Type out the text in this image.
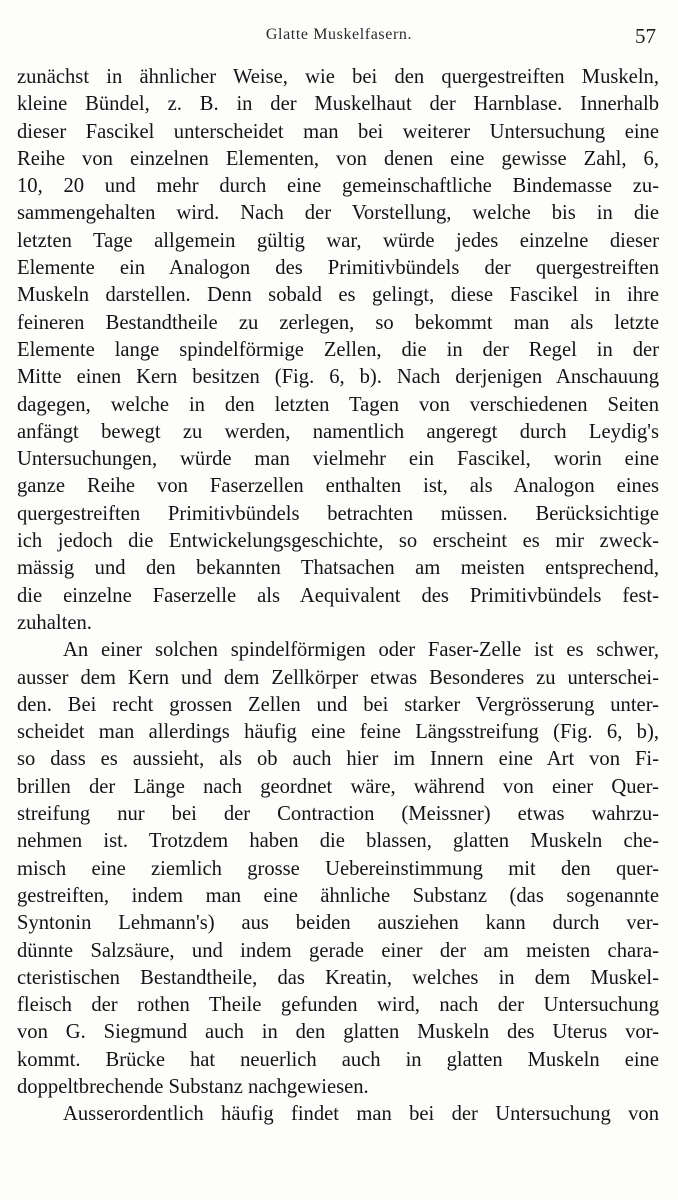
Glatte Muskelfasern.	57
zunächst in ähnlicher Weise, wie bei den quergestreiften Muskeln,
kleine Bündel, z. B. in der Muskelhaut der Harnblase. Innerhalb
dieser Fascikel unterscheidet man bei weiterer Untersuchung eine
Reihe von einzelnen Elementen, von denen eine gewisse Zahl, 6,
10, 20 und mehr durch eine gemeinschaftliche Bindemasse zu-
sammengehalten wird. Nach der Vorstellung, welche bis in die
letzten Tage allgemein gültig war, würde jedes einzelne dieser
Elemente ein Analogon des Primitivbündels der quergestreiften
Muskeln darstellen. Denn sobald es gelingt, diese Fascikel in ihre
feineren Bestandtheile zu zerlegen, so bekommt man als letzte
Elemente lange spindelförmige Zellen, die in der Regel in der
Mitte einen Kern besitzen (Fig. 6, b). Nach derjenigen Anschauung
dagegen, welche in den letzten Tagen von verschiedenen Seiten
anfängt bewegt zu werden, namentlich angeregt durch Leydig's
Untersuchungen, würde man vielmehr ein Fascikel, worin eine
ganze Reihe von Faserzellen enthalten ist, als Analogon eines
quergestreiften Primitivbündels betrachten müssen. Berücksichtige
ich jedoch die Entwickelungsgeschichte, so erscheint es mir zweck-
mässig und den bekannten Thatsachen am meisten entsprechend,
die einzelne Faserzelle als Aequivalent des Primitivbündels fest-
zuhalten.
An einer solchen spindelförmigen oder Faser-Zelle ist es schwer,
ausser dem Kern und dem Zellkörper etwas Besonderes zu unterschei-
den. Bei recht grossen Zellen und bei starker Vergrösserung unter-
scheidet man allerdings häufig eine feine Längsstreifung (Fig. 6, b),
so dass es aussieht, als ob auch hier im Innern eine Art von Fi-
brillen der Länge nach geordnet wäre, während von einer Quer-
streifung nur bei der Contraction (Meissner) etwas wahrzu-
nehmen ist. Trotzdem haben die blassen, glatten Muskeln che-
misch eine ziemlich grosse Uebereinstimmung mit den quer-
gestreiften, indem man eine ähnliche Substanz (das sogenannte
Syntonin Lehmann's) aus beiden ausziehen kann durch ver-
dünnte Salzsäure, und indem gerade einer der am meisten chara-
cteristischen Bestandtheile, das Kreatin, welches in dem Muskel-
fleisch der rothen Theile gefunden wird, nach der Untersuchung
von G. Siegmund auch in den glatten Muskeln des Uterus vor-
kommt. Brücke hat neuerlich auch in glatten Muskeln eine
doppeltbrechende Substanz nachgewiesen.
Ausserordentlich häufig findet man bei der Untersuchung von
